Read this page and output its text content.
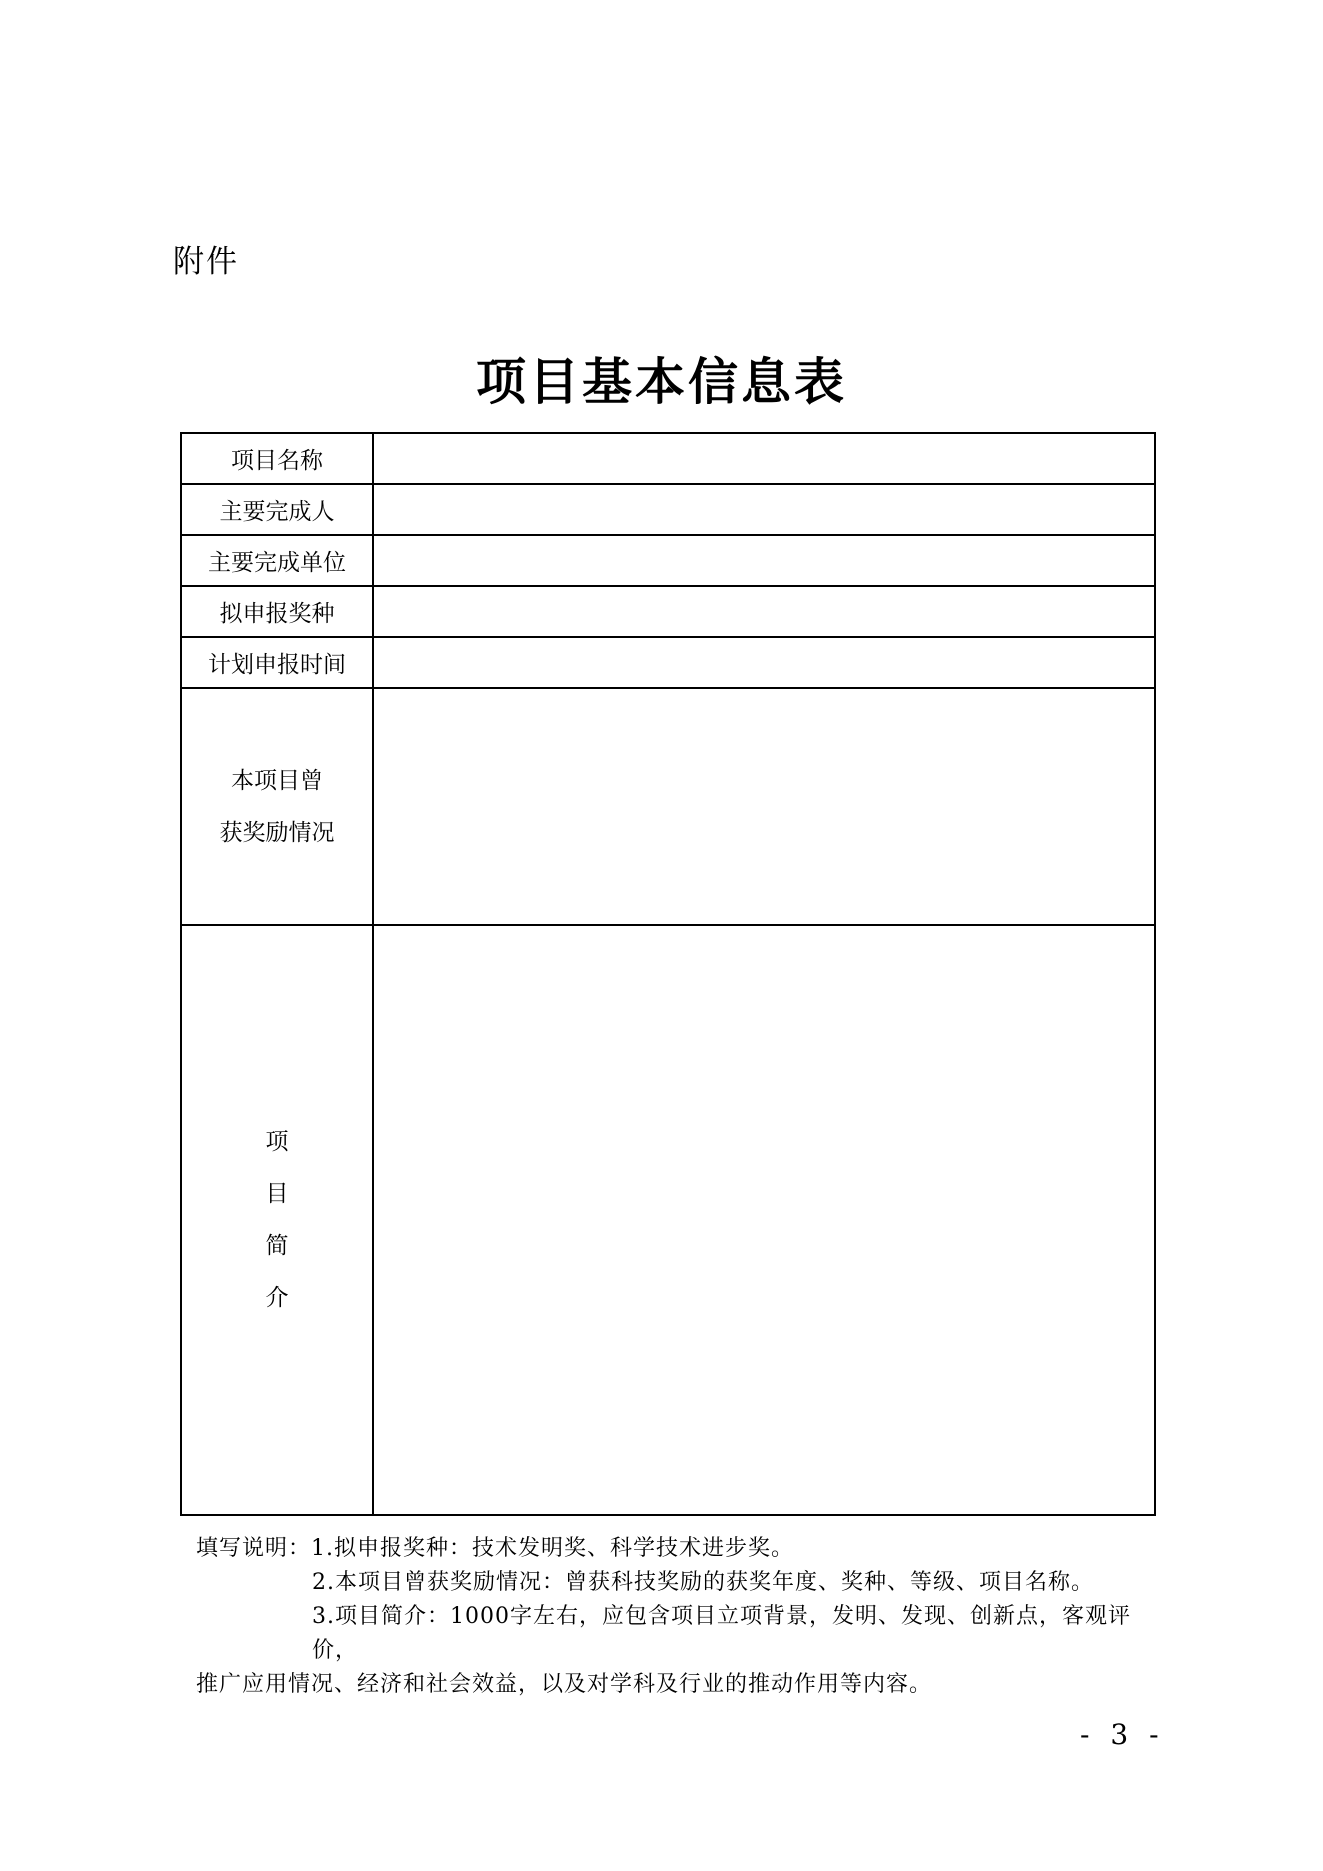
附件
项目基本信息表
项目名称	
主要完成人	
主要完成单位	
拟申报奖种	
计划申报时间	

本项目曾
获奖励情况	

项
目
简
介	

填写说明：1.拟申报奖种：技术发明奖、科学技术进步奖。
2.本项目曾获奖励情况：曾获科技奖励的获奖年度、奖种、等级、项目名称。
3.项目简介：1000字左右，应包含项目立项背景，发明、发现、创新点，客观评价，
推广应用情况、经济和社会效益，以及对学科及行业的推动作用等内容。
- 3 -
